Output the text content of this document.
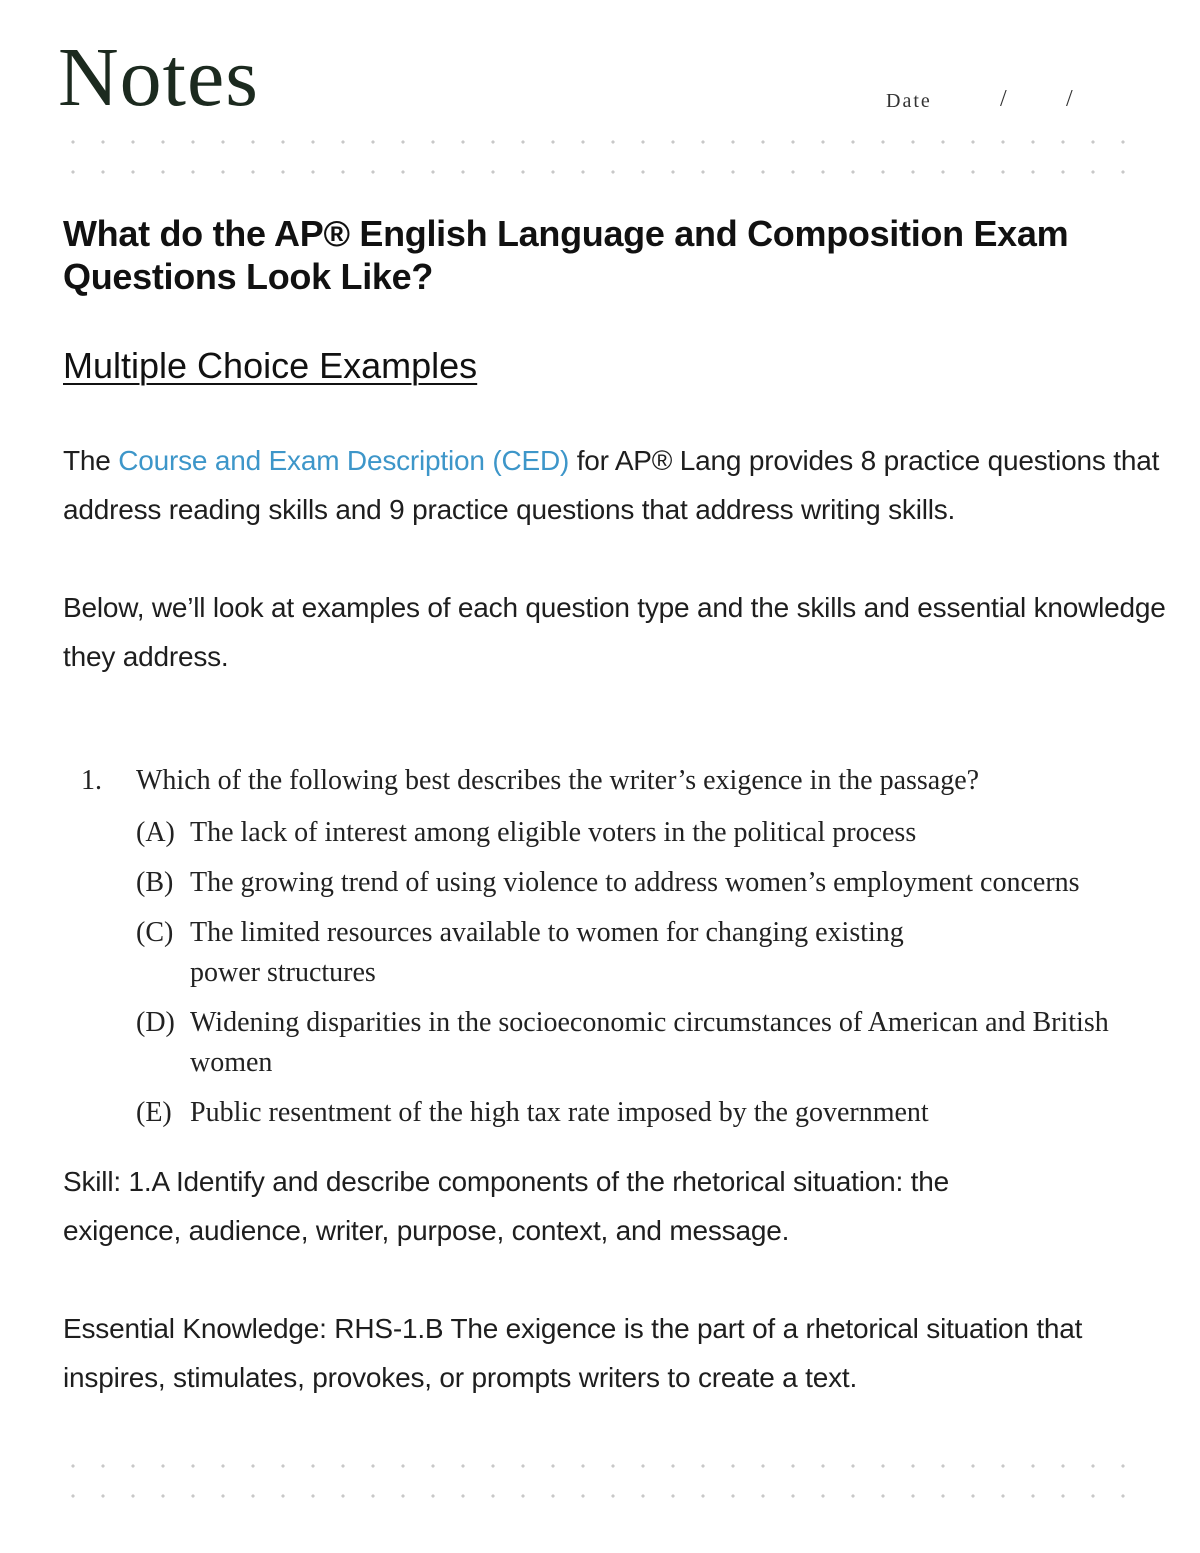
Notes	Date	/ /
What do the AP® English Language and Composition Exam Questions Look Like?
Multiple Choice Examples

The Course and Exam Description (CED) for AP® Lang provides 8 practice questions that address reading skills and 9 practice questions that address writing skills.

Below, we’ll look at examples of each question type and the skills and essential knowledge they address.

1.	Which of the following best describes the writer’s exigence in the passage?
(A) The lack of interest among eligible voters in the political process
(B) The growing trend of using violence to address women’s employment concerns
(C) The limited resources available to women for changing existing power structures
(D) Widening disparities in the socioeconomic circumstances of American and British women
(E) Public resentment of the high tax rate imposed by the government

Skill: 1.A Identify and describe components of the rhetorical situation: the exigence, audience, writer, purpose, context, and message.

Essential Knowledge: RHS-1.B The exigence is the part of a rhetorical situation that inspires, stimulates, provokes, or prompts writers to create a text.
